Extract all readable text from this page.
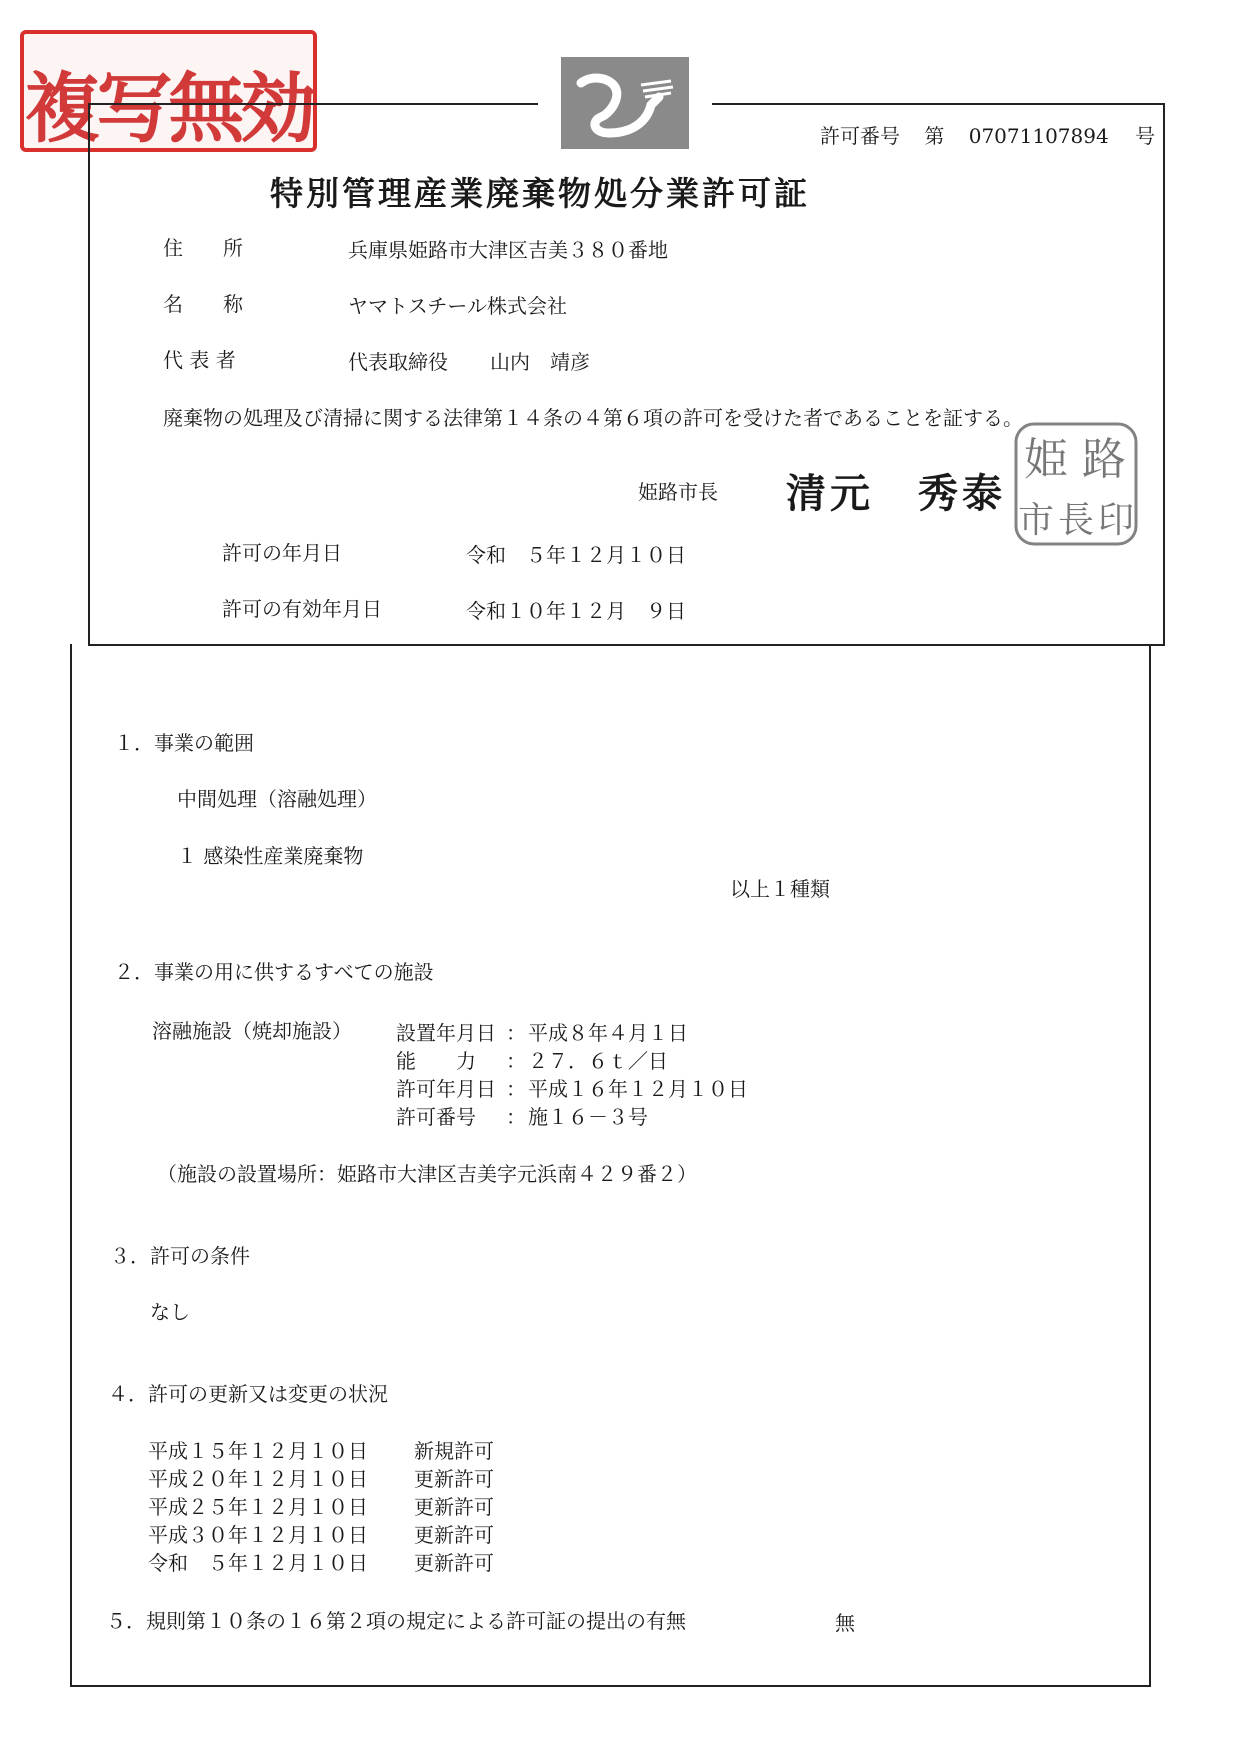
複写無効	許可番号 第 07071107894 号
特別管理産業廃棄物処分業許可証
住　　所	兵庫県姫路市大津区吉美３８０番地
名　　称	ヤマトスチール株式会社
代 表 者	代表取締役 山内　靖彦
廃棄物の処理及び清掃に関する法律第１４条の４第６項の許可を受けた者であることを証する。
姫路市長 清元　秀泰
姫 路
市 長 印
許可の年月日	令和　５年１２月１０日
許可の有効年月日	令和１０年１２月　９日
１．事業の範囲
中間処理（溶融処理）
１ 感染性産業廃棄物
以上１種類
２．事業の用に供するすべての施設
溶融施設（焼却施設） 設置年月日 ： 平成８年４月１日
能　　力 ： ２７．６ｔ／日
許可年月日 ： 平成１６年１２月１０日
許可番号 ： 施１６－３号
（施設の設置場所：姫路市大津区吉美字元浜南４２９番２）
３．許可の条件
なし
４．許可の更新又は変更の状況
平成１５年１２月１０日 新規許可
平成２０年１２月１０日 更新許可
平成２５年１２月１０日 更新許可
平成３０年１２月１０日 更新許可
令和　５年１２月１０日 更新許可
５．規則第１０条の１６第２項の規定による許可証の提出の有無	無
